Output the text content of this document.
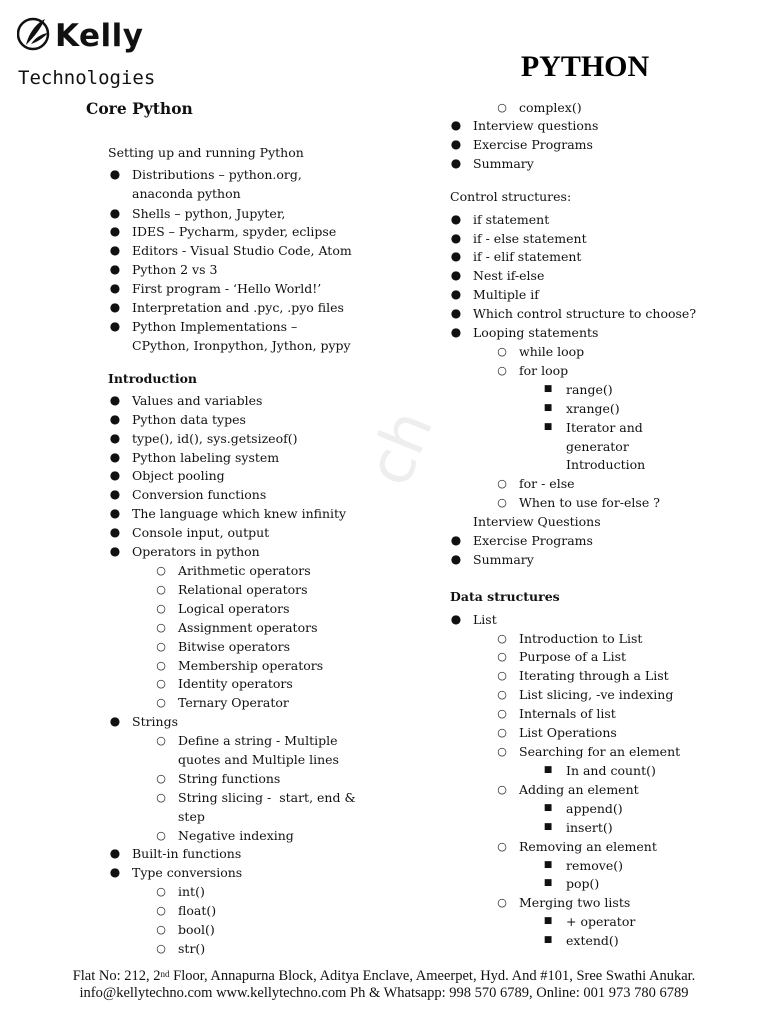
Kelly
Technologies	PYTHON
ch
Core Python
Setting up and running Python
● Distributions – python.org,
anaconda python
● Shells – python, Jupyter,
● IDES – Pycharm, spyder, eclipse
● Editors - Visual Studio Code, Atom
● Python 2 vs 3
● First program - ‘Hello World!’
● Interpretation and .pyc, .pyo files
● Python Implementations –
CPython, Ironpython, Jython, pypy
Introduction
● Values and variables
● Python data types
● type(), id(), sys.getsizeof()
● Python labeling system
● Object pooling
● Conversion functions
● The language which knew infinity
● Console input, output
● Operators in python
○ Arithmetic operators
○ Relational operators
○ Logical operators
○ Assignment operators
○ Bitwise operators
○ Membership operators
○ Identity operators
○ Ternary Operator
● Strings
○ Define a string - Multiple
quotes and Multiple lines
○ String functions
○ String slicing -  start, end &
step
○ Negative indexing
● Built-in functions
● Type conversions
○ int()
○ float()
○ bool()
○ str()
○ complex()
● Interview questions
● Exercise Programs
● Summary
Control structures:
● if statement
● if - else statement
● if - elif statement
● Nest if-else
● Multiple if
● Which control structure to choose?
● Looping statements
○ while loop
○ for loop
■ range()
■ xrange()
■ Iterator and
generator
Introduction
○ for - else
○ When to use for-else ?
Interview Questions
● Exercise Programs
● Summary
Data structures
● List
○ Introduction to List
○ Purpose of a List
○ Iterating through a List
○ List slicing, -ve indexing
○ Internals of list
○ List Operations
○ Searching for an element
■ In and count()
○ Adding an element
■ append()
■ insert()
○ Removing an element
■ remove()
■ pop()
○ Merging two lists
■ + operator
■ extend()
Flat No: 212, 2nd Floor, Annapurna Block, Aditya Enclave, Ameerpet, Hyd. And #101, Sree Swathi Anukar.
info@kellytechno.com www.kellytechno.com Ph & Whatsapp: 998 570 6789, Online: 001 973 780 6789
